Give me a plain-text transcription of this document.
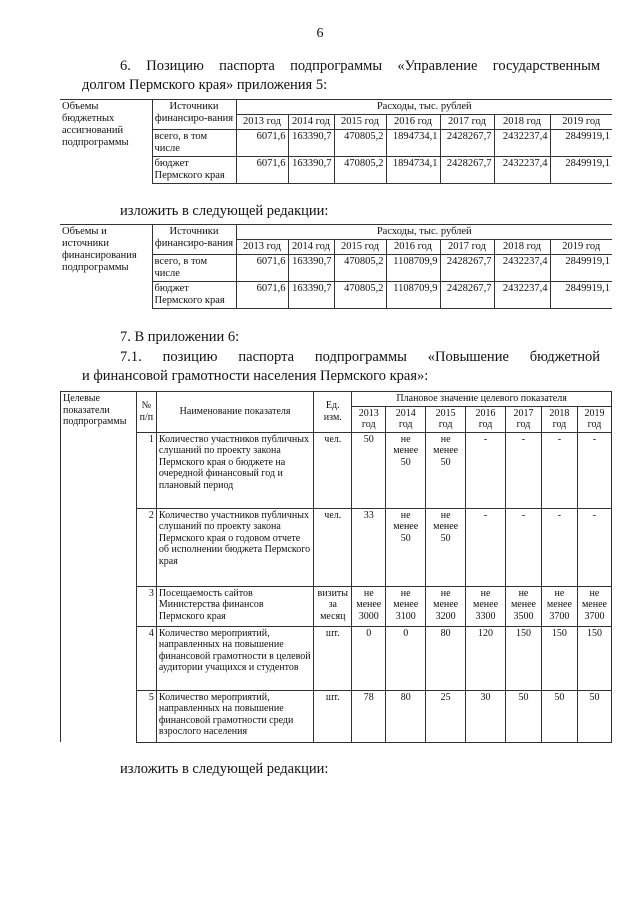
6
6. Позицию паспорта подпрограммы «Управление государственным
долгом Пермского края» приложения 5:
Объемы бюджетных ассигнований подпрограммы	Источники финансиро-вания	Расходы, тыс. рублей						
		2013 год	2014 год	2015 год	2016 год	2017 год	2018 год	2019 год
	всего, в том числе	6071,6	163390,7	470805,2	1894734,1	2428267,7	2432237,4	2849919,1
	бюджет Пермского края	6071,6	163390,7	470805,2	1894734,1	2428267,7	2432237,4	2849919,1
изложить в следующей редакции:
Объемы и источники финансирования подпрограммы	Источники финансиро-вания	Расходы, тыс. рублей						
		2013 год	2014 год	2015 год	2016 год	2017 год	2018 год	2019 год
	всего, в том числе	6071,6	163390,7	470805,2	1108709,9	2428267,7	2432237,4	2849919,1
	бюджет Пермского края	6071,6	163390,7	470805,2	1108709,9	2428267,7	2432237,4	2849919,1
7. В приложении 6:
7.1. позицию паспорта подпрограммы «Повышение бюджетной
и финансовой грамотности населения Пермского края»:
Целевые показатели подпрограммы	№ п/п	Наименование показателя	Ед. изм.	Плановое значение целевого показателя						
				2013 год	2014 год	2015 год	2016 год	2017 год	2018 год	2019 год
	1	Количество участников публичных слушаний по проекту закона Пермского края о бюджете на очередной финансовый год и плановый период	чел.	50	не менее 50	не менее 50	-	-	-	-
	2	Количество участников публичных слушаний по проекту закона Пермского края о годовом отчете об исполнении бюджета Пермского края	чел.	33	не менее 50	не менее 50	-	-	-	-
	3	Посещаемость сайтов Министерства финансов Пермского края	визиты за месяц	не менее 3000	не менее 3100	не менее 3200	не менее 3300	не менее 3500	не менее 3700	не менее 3700
	4	Количество мероприятий, направленных на повышение финансовой грамотности в целевой аудитории учащихся и студентов	шт.	0	0	80	120	150	150	150
	5	Количество мероприятий, направленных на повышение финансовой грамотности среди взрослого населения	шт.	78	80	25	30	50	50	50
изложить в следующей редакции:
